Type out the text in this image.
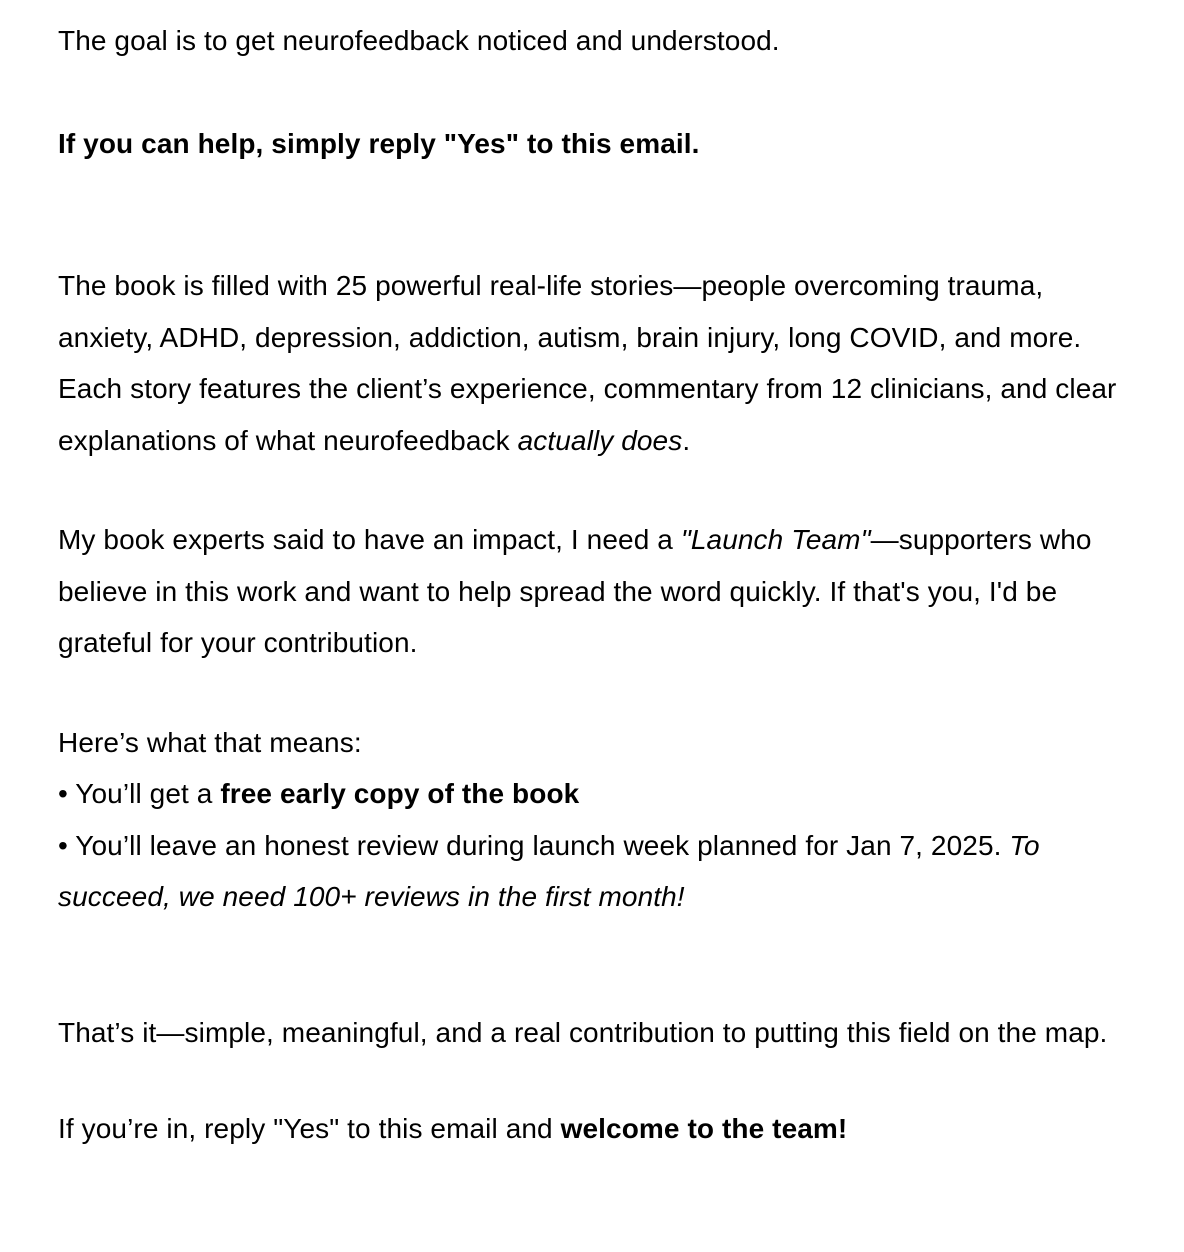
The goal is to get neurofeedback noticed and understood.

If you can help, simply reply "Yes" to this email.

The book is filled with 25 powerful real-life stories—people overcoming trauma, anxiety, ADHD, depression, addiction, autism, brain injury, long COVID, and more. Each story features the client’s experience, commentary from 12 clinicians, and clear explanations of what neurofeedback actually does.

My book experts said to have an impact, I need a "Launch Team"—supporters who believe in this work and want to help spread the word quickly. If that's you, I'd be grateful for your contribution.

Here’s what that means:

• You’ll get a free early copy of the book

• You’ll leave an honest review during launch week planned for Jan 7, 2025. To succeed, we need 100+ reviews in the first month!

That’s it—simple, meaningful, and a real contribution to putting this field on the map.

If you’re in, reply "Yes" to this email and welcome to the team!
